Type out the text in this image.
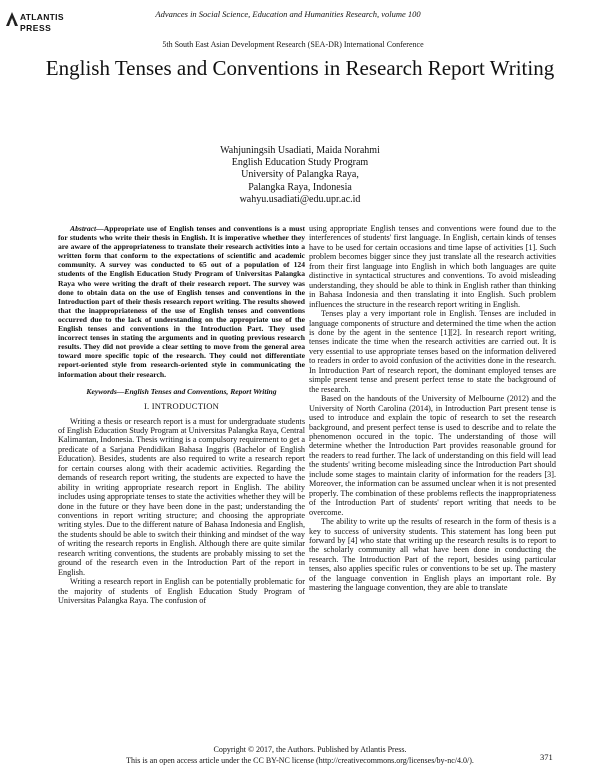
ATLANTIS
PRESS
Advances in Social Science, Education and Humanities Research, volume 100
5th South East Asian Development Research (SEA-DR) International Conference
English Tenses and Conventions in Research Report Writing
Wahjuningsih Usadiati, Maida Norahmi
English Education Study Program
University of Palangka Raya,
Palangka Raya, Indonesia
wahyu.usadiati@edu.upr.ac.id

Abstract—Appropriate use of English tenses and conventions is a must for students who write their thesis in English. It is imperative whether they are aware of the appropriateness to translate their research activities into a written form that conform to the expectations of scientific and academic community. A survey was conducted to 65 out of a population of 124 students of the English Education Study Program of Universitas Palangka Raya who were writing the draft of their research report. The survey was done to obtain data on the use of English tenses and conventions in the Introduction part of their thesis research report writing. The results showed that the inappropriateness of the use of English tenses and conventions occurred due to the lack of understanding on the appropriate use of the English tenses and conventions in the Introduction Part. They used incorrect tenses in stating the arguments and in quoting previous research results. They did not provide a clear setting to move from the general area toward more specific topic of the research. They could not differentiate report-oriented style from research-oriented style in communicating the information about their research.

Keywords—English Tenses and Conventions, Report Writing
I. INTRODUCTION

Writing a thesis or research report is a must for undergraduate students of English Education Study Program at Universitas Palangka Raya, Central Kalimantan, Indonesia. Thesis writing is a compulsory requirement to get a predicate of a Sarjana Pendidikan Bahasa Inggris (Bachelor of English Education). Besides, students are also required to write a research report for certain courses along with their academic activities. Regarding the demands of research report writing, the students are expected to have the ability in writing appropriate research report in English. The ability includes using appropriate tenses to state the activities whether they will be done in the future or they have been done in the past; understanding the conventions in report writing structure; and choosing the appropriate writing styles. Due to the different nature of Bahasa Indonesia and English, the students should be able to switch their thinking and mindset of the way of writing the research reports in English. Although there are quite similar research writing conventions, the students are probably missing to set the ground of the research even in the Introduction Part of the report in English.

Writing a research report in English can be potentially problematic for the majority of students of English Education Study Program of Universitas Palangka Raya. The confusion of

using appropriate English tenses and conventions were found due to the interferences of students' first language. In English, certain kinds of tenses have to be used for certain occasions and time lapse of activities [1]. Such problem becomes bigger since they just translate all the research activities from their first language into English in which both languages are quite distinctive in syntactical structures and conventions. To avoid misleading understanding, they should be able to think in English rather than thinking in Bahasa Indonesia and then translating it into English. Such problem influences the structure in the research report writing in English.

Tenses play a very important role in English. Tenses are included in language components of structure and determined the time when the action is done by the agent in the sentence [1][2]. In research report writing, tenses indicate the time when the research activities are carried out. It is very essential to use appropriate tenses based on the information delivered to readers in order to avoid confusion of the activities done in the research. In Introduction Part of research report, the dominant employed tenses are simple present tense and present perfect tense to state the background of the research.

Based on the handouts of the University of Melbourne (2012) and the University of North Carolina (2014), in Introduction Part present tense is used to introduce and explain the topic of research to set the research background, and present perfect tense is used to describe and to relate the phenomenon occured in the topic. The understanding of those will determine whether the Introduction Part provides reasonable ground for the readers to read further. The lack of understanding on this field will lead the students' writing become misleading since the Introduction Part should include some stages to maintain clarity of information for the readers [3]. Moreover, the information can be assumed unclear when it is not presented properly. The combination of these problems reflects the inappropriateness of the Introduction Part of students' report writing that needs to be overcome.

The ability to write up the results of research in the form of thesis is a key to success of university students. This statement has long been put forward by [4] who state that writing up the research results is to report to the scholarly community all what have been done in conducting the research. The Introduction Part of the report, besides using particular tenses, also applies specific rules or conventions to be set up. The mastery of the language convention in English plays an important role. By mastering the language convention, they are able to translate

Copyright © 2017, the Authors. Published by Atlantis Press.
This is an open access article under the CC BY-NC license (http://creativecommons.org/licenses/by-nc/4.0/).	371
